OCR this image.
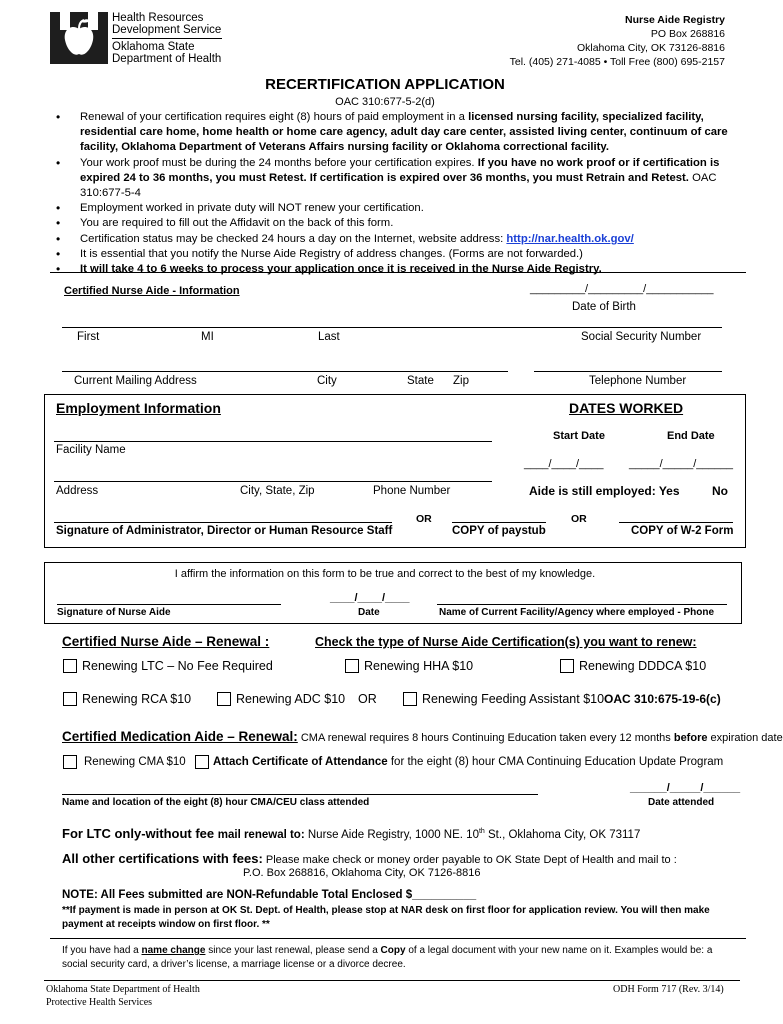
Health Resources
Development Service
Oklahoma State
Department of Health
Nurse Aide Registry
PO Box 268816
Oklahoma City, OK 73126-8816
Tel. (405) 271-4085 • Toll Free (800) 695-2157
RECERTIFICATION APPLICATION
OAC 310:677-5-2(d)
• Renewal of your certification requires eight (8) hours of paid employment in a licensed nursing facility, specialized facility, residential care home, home health or home care agency, adult day care center, assisted living center, continuum of care facility, Oklahoma Department of Veterans Affairs nursing facility or Oklahoma correctional facility.
• Your work proof must be during the 24 months before your certification expires. If you have no work proof or if certification is expired 24 to 36 months, you must Retest. If certification is expired over 36 months, you must Retrain and Retest. OAC 310:677-5-4
• Employment worked in private duty will NOT renew your certification.
• You are required to fill out the Affidavit on the back of this form.
• Certification status may be checked 24 hours a day on the Internet, website address: http://nar.health.ok.gov/
• It is essential that you notify the Nurse Aide Registry of address changes. (Forms are not forwarded.)
• It will take 4 to 6 weeks to process your application once it is received in the Nurse Aide Registry.
Certified Nurse Aide - Information	_________/_________/___________
Date of Birth
First	MI	Last	Social Security Number
Current Mailing Address	City	State Zip	Telephone Number
Employment Information	DATES WORKED
Start Date	End Date
Facility Name
____/____/____ _____/_____/______
Address	City, State, Zip	Phone Number	Aide is still employed: Yes	No
OR	OR
Signature of Administrator, Director or Human Resource Staff	COPY of paystub	COPY of W-2 Form
I affirm the information on this form to be true and correct to the best of my knowledge.
____/____/____
Signature of Nurse Aide	Date	Name of Current Facility/Agency where employed - Phone
Certified Nurse Aide – Renewal :	Check the type of Nurse Aide Certification(s) you want to renew:
Renewing LTC – No Fee Required	Renewing HHA $10	Renewing DDDCA $10
Renewing RCA $10	Renewing ADC $10 OR	Renewing Feeding Assistant $10 OAC 310:675-19-6(c)
Certified Medication Aide – Renewal: CMA renewal requires 8 hours Continuing Education taken every 12 months before expiration date
Renewing CMA $10 Attach Certificate of Attendance for the eight (8) hour CMA Continuing Education Update Program
______/_____/______
Name and location of the eight (8) hour CMA/CEU class attended	Date attended
For LTC only-without fee mail renewal to: Nurse Aide Registry, 1000 NE. 10th St., Oklahoma City, OK 73117
All other certifications with fees: Please make check or money order payable to OK State Dept of Health and mail to :
P.O. Box 268816, Oklahoma City, OK 7126-8816
NOTE: All Fees submitted are NON-Refundable Total Enclosed $__________
**If payment is made in person at OK St. Dept. of Health, please stop at NAR desk on first floor for application review. You will then make payment at receipts window on first floor. **
If you have had a name change since your last renewal, please send a Copy of a legal document with your new name on it. Examples would be: a social security card, a driver’s license, a marriage license or a divorce decree.
Oklahoma State Department of Health
Protective Health Services
ODH Form 717 (Rev. 3/14)
